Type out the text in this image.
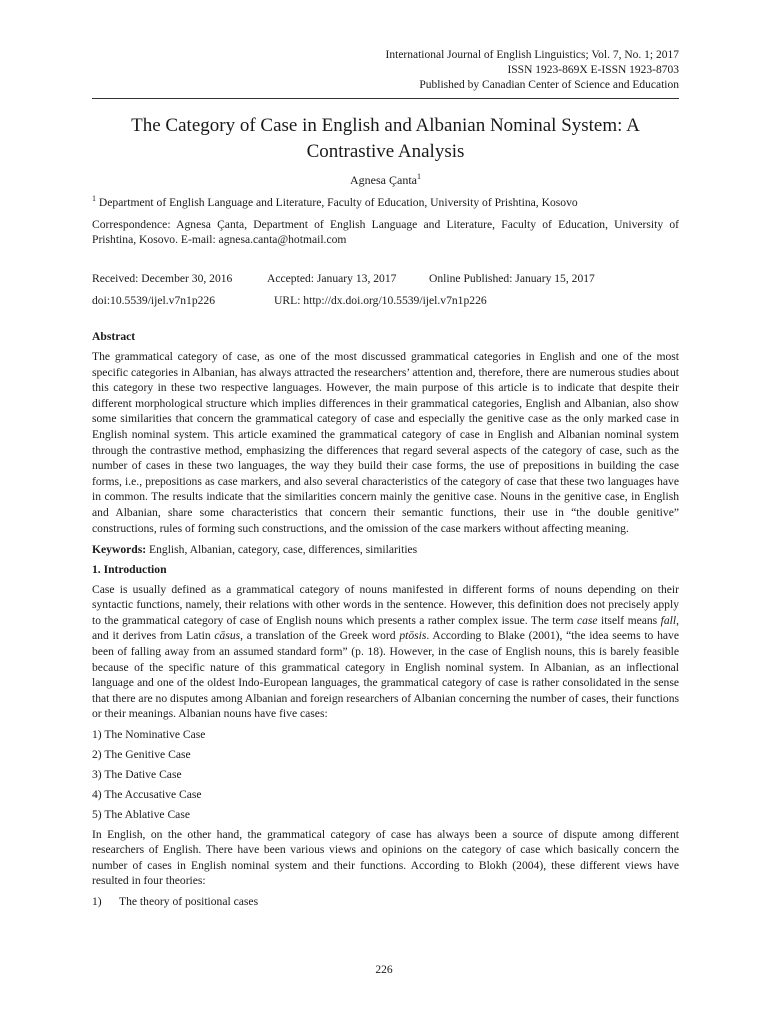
International Journal of English Linguistics; Vol. 7, No. 1; 2017
ISSN 1923-869X E-ISSN 1923-8703
Published by Canadian Center of Science and Education
The Category of Case in English and Albanian Nominal System: A Contrastive Analysis
Agnesa Çanta$^1$

$^1$ Department of English Language and Literature, Faculty of Education, University of Prishtina, Kosovo

Correspondence: Agnesa Çanta, Department of English Language and Literature, Faculty of Education, University of Prishtina, Kosovo. E-mail: agnesa.canta@hotmail.com

Received: December 30, 2016	Accepted: January 13, 2017	Online Published: January 15, 2017
doi:10.5539/ijel.v7n1p226	URL: http://dx.doi.org/10.5539/ijel.v7n1p226
Abstract

The grammatical category of case, as one of the most discussed grammatical categories in English and one of the most specific categories in Albanian, has always attracted the researchers’ attention and, therefore, there are numerous studies about this category in these two respective languages. However, the main purpose of this article is to indicate that despite their different morphological structure which implies differences in their grammatical categories, English and Albanian, also show some similarities that concern the grammatical category of case and especially the genitive case as the only marked case in English nominal system. This article examined the grammatical category of case in English and Albanian nominal system through the contrastive method, emphasizing the differences that regard several aspects of the category of case, such as the number of cases in these two languages, the way they build their case forms, the use of prepositions in building the case forms, i.e., prepositions as case markers, and also several characteristics of the category of case that these two languages have in common. The results indicate that the similarities concern mainly the genitive case. Nouns in the genitive case, in English and Albanian, share some characteristics that concern their semantic functions, their use in “the double genitive” constructions, rules of forming such constructions, and the omission of the case markers without affecting meaning.

Keywords: English, Albanian, category, case, differences, similarities

1. Introduction

Case is usually defined as a grammatical category of nouns manifested in different forms of nouns depending on their syntactic functions, namely, their relations with other words in the sentence. However, this definition does not precisely apply to the grammatical category of case of English nouns which presents a rather complex issue. The term case itself means fall, and it derives from Latin cāsus, a translation of the Greek word ptōsis. According to Blake (2001), “the idea seems to have been of falling away from an assumed standard form” (p. 18). However, in the case of English nouns, this is barely feasible because of the specific nature of this grammatical category in English nominal system. In Albanian, as an inflectional language and one of the oldest Indo-European languages, the grammatical category of case is rather consolidated in the sense that there are no disputes among Albanian and foreign researchers of Albanian concerning the number of cases, their functions or their meanings. Albanian nouns have five cases:

1) The Nominative Case
2) The Genitive Case
3) The Dative Case
4) The Accusative Case
5) The Ablative Case

In English, on the other hand, the grammatical category of case has always been a source of dispute among different researchers of English. There have been various views and opinions on the category of case which basically concern the number of cases in English nominal system and their functions. According to Blokh (2004), these different views have resulted in four theories:

1)	The theory of positional cases
226
